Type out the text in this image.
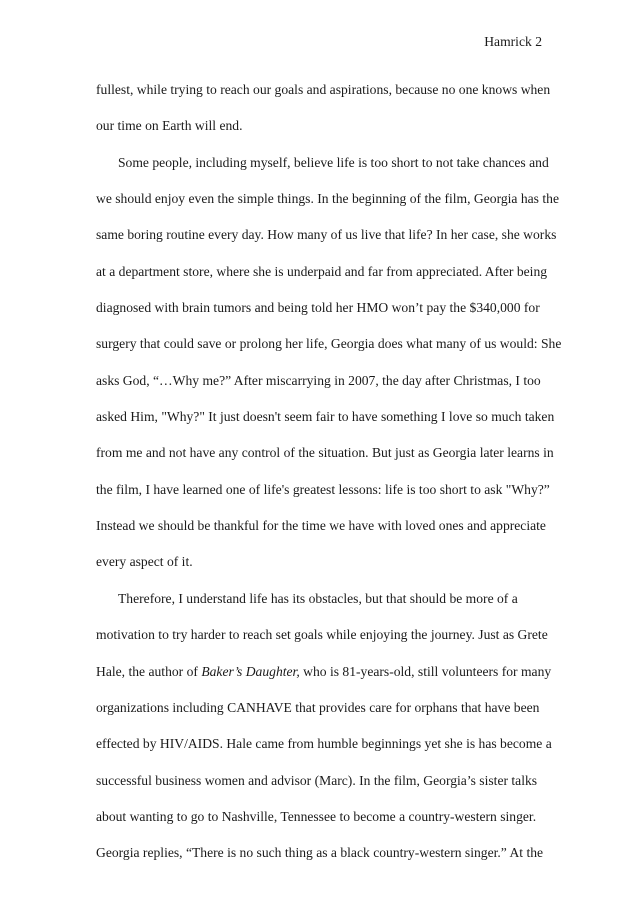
Hamrick 2

fullest, while trying to reach our goals and aspirations, because no one knows when
our time on Earth will end.
Some people, including myself, believe life is too short to not take chances and
we should enjoy even the simple things. In the beginning of the film, Georgia has the
same boring routine every day. How many of us live that life? In her case, she works
at a department store, where she is underpaid and far from appreciated. After being
diagnosed with brain tumors and being told her HMO won’t pay the $340,000 for
surgery that could save or prolong her life, Georgia does what many of us would: She
asks God, “…Why me?” After miscarrying in 2007, the day after Christmas, I too
asked Him, "Why?" It just doesn't seem fair to have something I love so much taken
from me and not have any control of the situation. But just as Georgia later learns in
the film, I have learned one of life's greatest lessons: life is too short to ask "Why?”
Instead we should be thankful for the time we have with loved ones and appreciate
every aspect of it.
Therefore, I understand life has its obstacles, but that should be more of a
motivation to try harder to reach set goals while enjoying the journey. Just as Grete
Hale, the author of Baker’s Daughter, who is 81-years-old, still volunteers for many
organizations including CANHAVE that provides care for orphans that have been
effected by HIV/AIDS. Hale came from humble beginnings yet she is has become a
successful business women and advisor (Marc). In the film, Georgia’s sister talks
about wanting to go to Nashville, Tennessee to become a country-western singer.
Georgia replies, “There is no such thing as a black country-western singer.” At the
